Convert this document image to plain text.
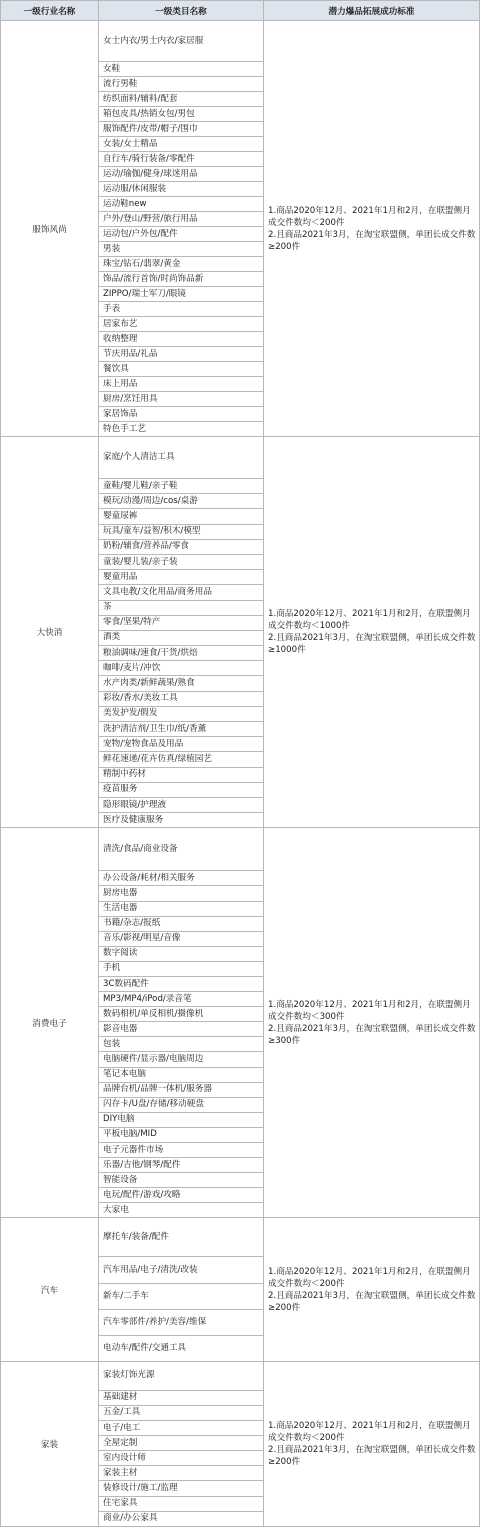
一级行业名称	一级类目名称	潜力爆品拓展成功标准
服饰风尚	女士内衣/男士内衣/家居服	1.商品2020年12月、2021年1月和2月，在联盟侧月成交件数均＜200件
2.且商品2021年3月，在淘宝联盟侧，单团长成交件数≥200件

	女鞋	
	流行男鞋	
	纺织面料/辅料/配套	
	箱包皮具/热销女包/男包	
	服饰配件/皮带/帽子/围巾	
	女装/女士精品	
	自行车/骑行装备/零配件	
	运动/瑜伽/健身/球迷用品	
	运动服/休闲服装	
	运动鞋new	
	户外/登山/野营/旅行用品	
	运动包/户外包/配件	
	男装	
	珠宝/钻石/翡翠/黄金	
	饰品/流行首饰/时尚饰品新	
	ZIPPO/瑞士军刀/眼镜	
	手表	
	居家布艺	
	收纳整理	
	节庆用品/礼品	
	餐饮具	
	床上用品	
	厨房/烹饪用具	
	家居饰品	
	特色手工艺	
大快消	家庭/个人清洁工具	1.商品2020年12月、2021年1月和2月，在联盟侧月成交件数均＜1000件
2.且商品2021年3月，在淘宝联盟侧，单团长成交件数≥1000件

	童鞋/婴儿鞋/亲子鞋	
	模玩/动漫/周边/cos/桌游	
	婴童尿裤	
	玩具/童车/益智/积木/模型	
	奶粉/辅食/营养品/零食	
	童装/婴儿装/亲子装	
	婴童用品	
	文具电教/文化用品/商务用品	
	茶	
	零食/坚果/特产	
	酒类	
	粮油调味/速食/干货/烘焙	
	咖啡/麦片/冲饮	
	水产肉类/新鲜蔬果/熟食	
	彩妆/香水/美妆工具	
	美发护发/假发	
	洗护清洁剂/卫生巾/纸/香薰	
	宠物/宠物食品及用品	
	鲜花速递/花卉仿真/绿植园艺	
	精制中药材	
	疫苗服务	
	隐形眼镜/护理液	
	医疗及健康服务	
消费电子	清洗/食品/商业设备	1.商品2020年12月、2021年1月和2月，在联盟侧月成交件数均＜300件
2.且商品2021年3月，在淘宝联盟侧，单团长成交件数≥300件

	办公设备/耗材/相关服务	
	厨房电器	
	生活电器	
	书籍/杂志/报纸	
	音乐/影视/明星/音像	
	数字阅读	
	手机	
	3C数码配件	
	MP3/MP4/iPod/录音笔	
	数码相机/单反相机/摄像机	
	影音电器	
	包装	
	电脑硬件/显示器/电脑周边	
	笔记本电脑	
	品牌台机/品牌一体机/服务器	
	闪存卡/U盘/存储/移动硬盘	
	DIY电脑	
	平板电脑/MID	
	电子元器件市场	
	乐器/吉他/钢琴/配件	
	智能设备	
	电玩/配件/游戏/攻略	
	大家电	
汽车	摩托车/装备/配件	1.商品2020年12月、2021年1月和2月，在联盟侧月成交件数均＜200件
2.且商品2021年3月，在淘宝联盟侧，单团长成交件数≥200件

	汽车用品/电子/清洗/改装	
	新车/二手车	
	汽车零部件/养护/美容/维保	
	电动车/配件/交通工具	
家装	家装灯饰光源	1.商品2020年12月、2021年1月和2月，在联盟侧月成交件数均＜200件
2.且商品2021年3月，在淘宝联盟侧，单团长成交件数≥200件

	基础建材	
	五金/工具	
	电子/电工	
	全屋定制	
	室内设计师	
	家装主材	
	装修设计/施工/监理	
	住宅家具	
	商业/办公家具	
